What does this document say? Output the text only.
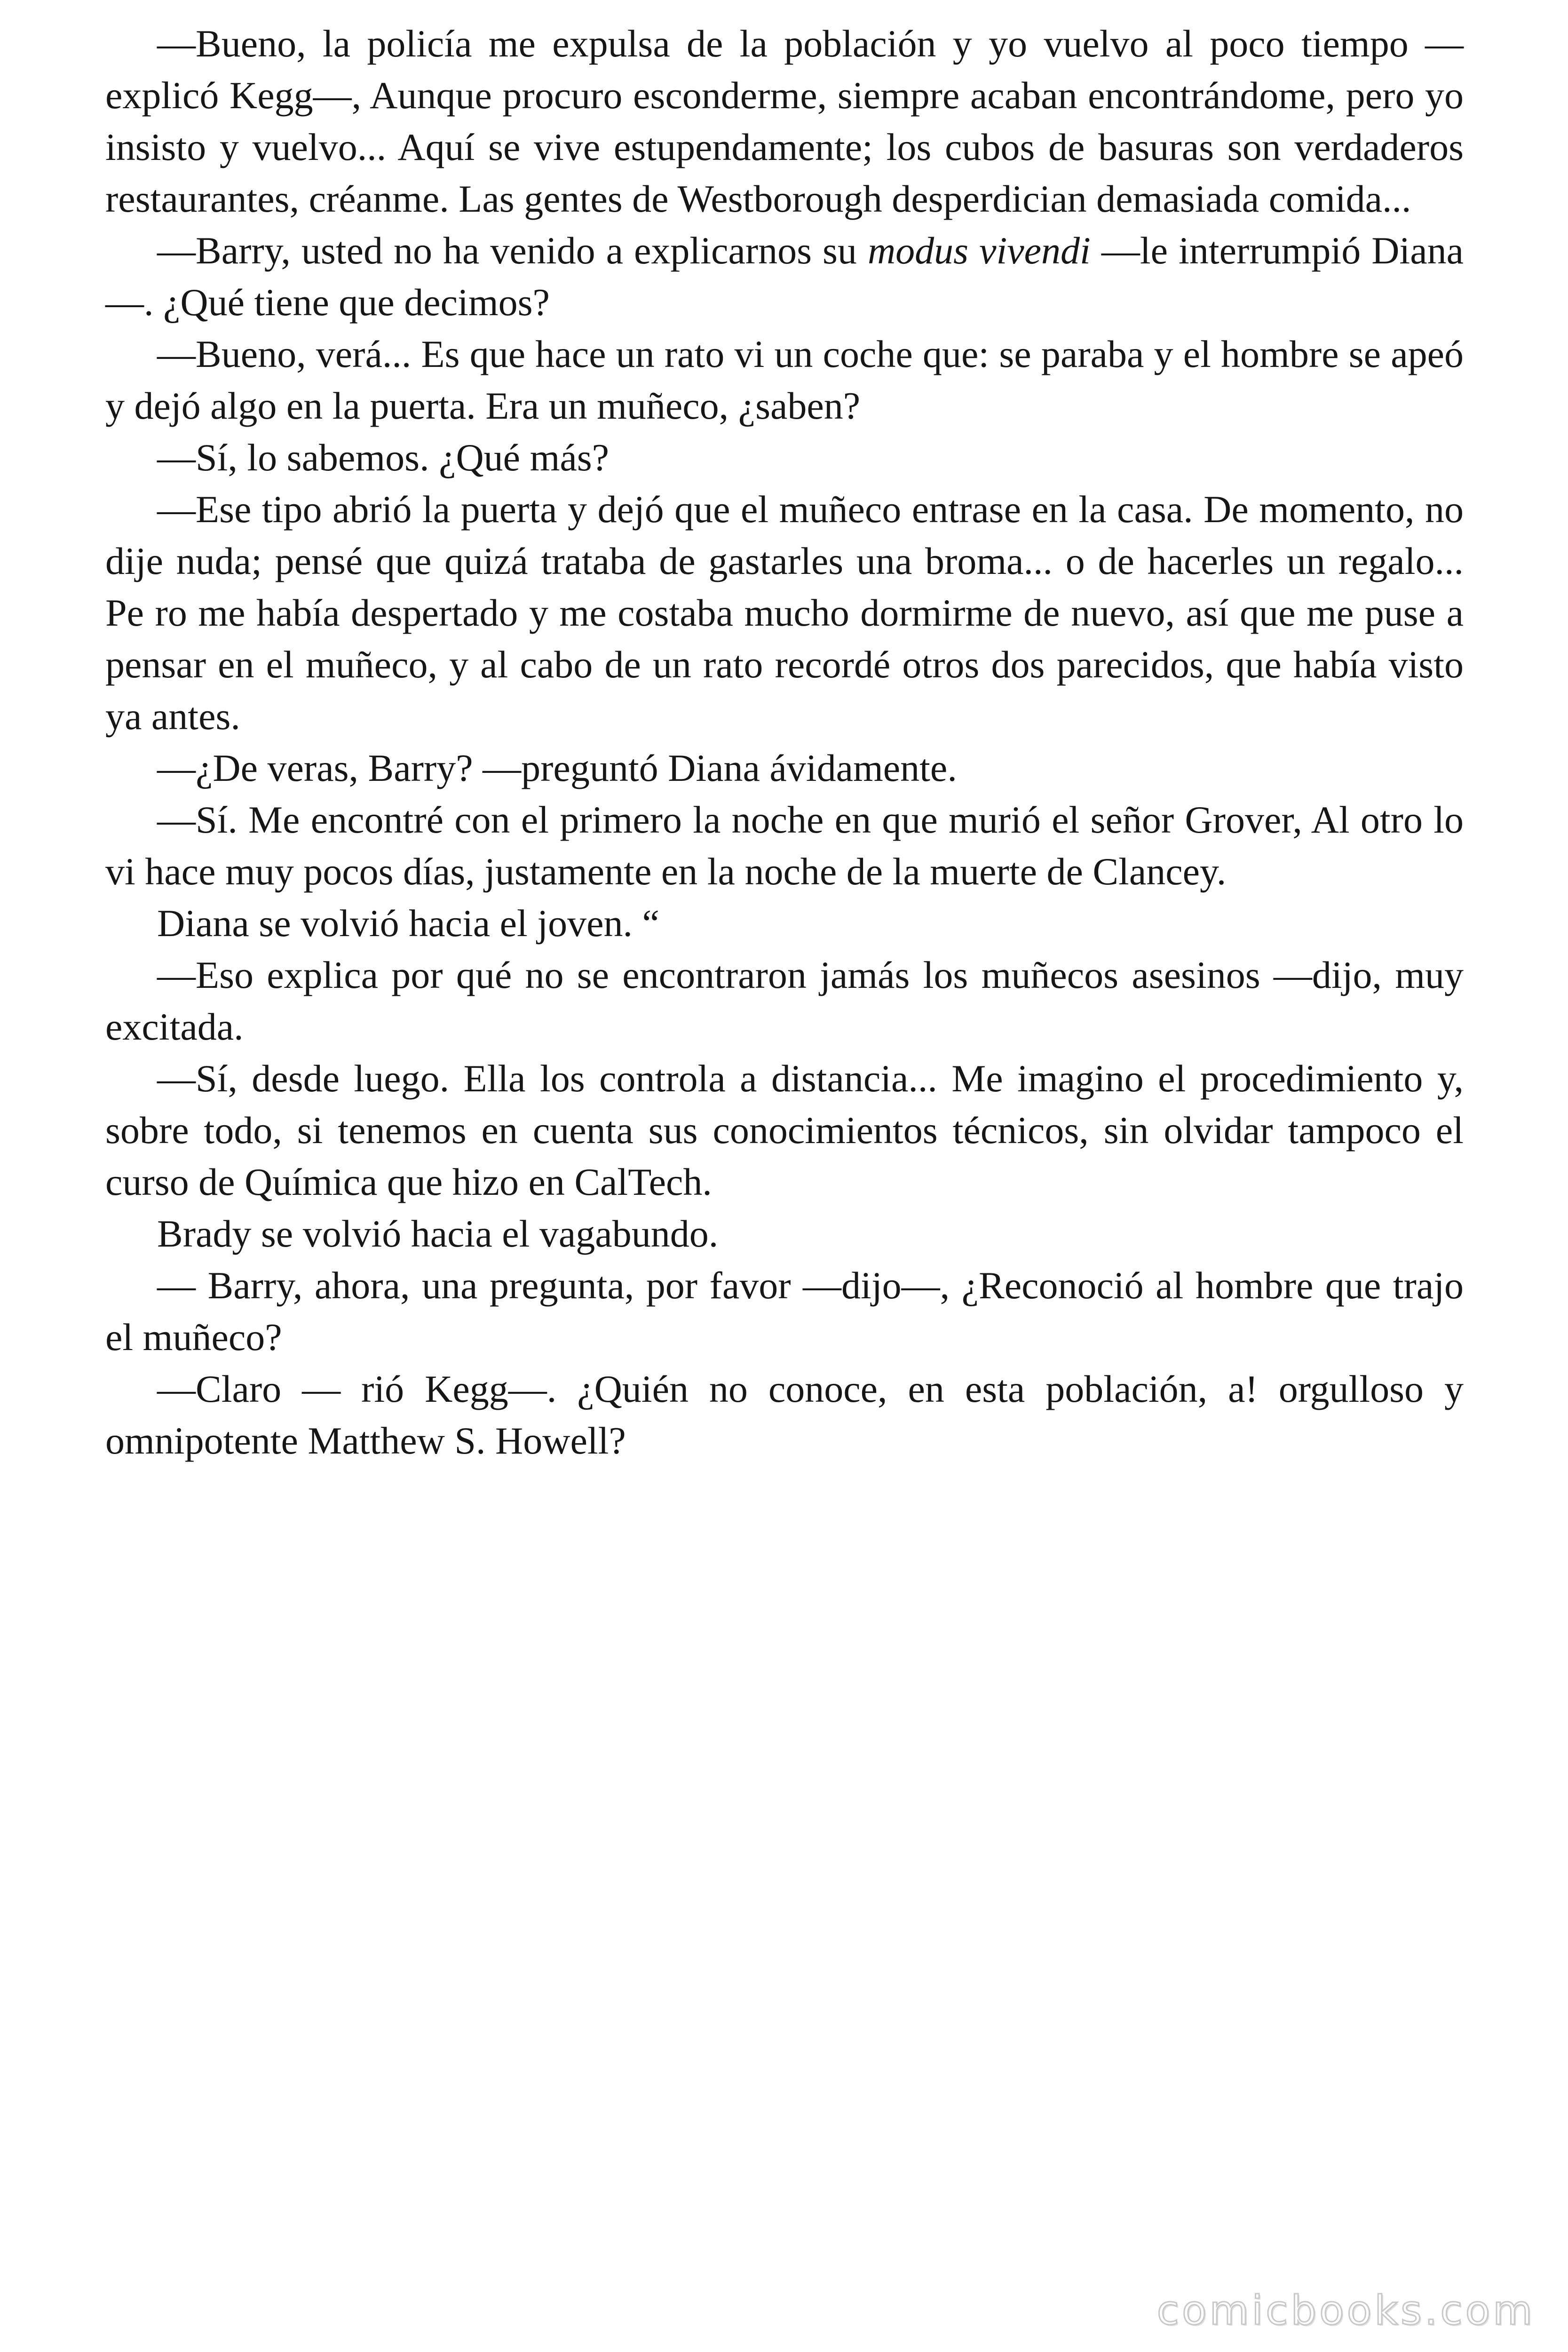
—Bueno, la policía me expulsa de la población y yo vuelvo al poco tiempo —explicó Kegg—, Aunque procuro esconderme, siempre acaban encontrándome, pero yo insisto y vuelvo... Aquí se vive estupendamente; los cubos de basuras son verdaderos restaurantes, créanme. Las gentes de Westborough desperdician demasiada comida...

—Barry, usted no ha venido a explicarnos su modus vivendi —le interrumpió Diana—. ¿Qué tiene que decimos?

—Bueno, verá... Es que hace un rato vi un coche que: se paraba y el hombre se apeó y dejó algo en la puerta. Era un muñeco, ¿saben?

—Sí, lo sabemos. ¿Qué más?

—Ese tipo abrió la puerta y dejó que el muñeco entrase en la casa. De momento, no dije nuda; pensé que quizá trataba de gastarles una broma... o de hacerles un regalo... Pe ro me había despertado y me costaba mucho dormirme de nuevo, así que me puse a pensar en el muñeco, y al cabo de un rato recordé otros dos parecidos, que había visto ya antes.

—¿De veras, Barry? —preguntó Diana ávidamente.

—Sí. Me encontré con el primero la noche en que murió el señor Grover, Al otro lo vi hace muy pocos días, justamente en la noche de la muerte de Clancey.

Diana se volvió hacia el joven. “

—Eso explica por qué no se encontraron jamás los muñecos asesinos —dijo, muy excitada.

—Sí, desde luego. Ella los controla a distancia... Me imagino el procedimiento y, sobre todo, si tenemos en cuenta sus conocimientos técnicos, sin olvidar tampoco el curso de Química que hizo en CalTech.

Brady se volvió hacia el vagabundo.

— Barry, ahora, una pregunta, por favor —dijo—, ¿Reconoció al hombre que trajo el muñeco?

—Claro — rió Kegg—. ¿Quién no conoce, en esta población, a! orgulloso y omnipotente Matthew S. Howell?

comicbooks.com
